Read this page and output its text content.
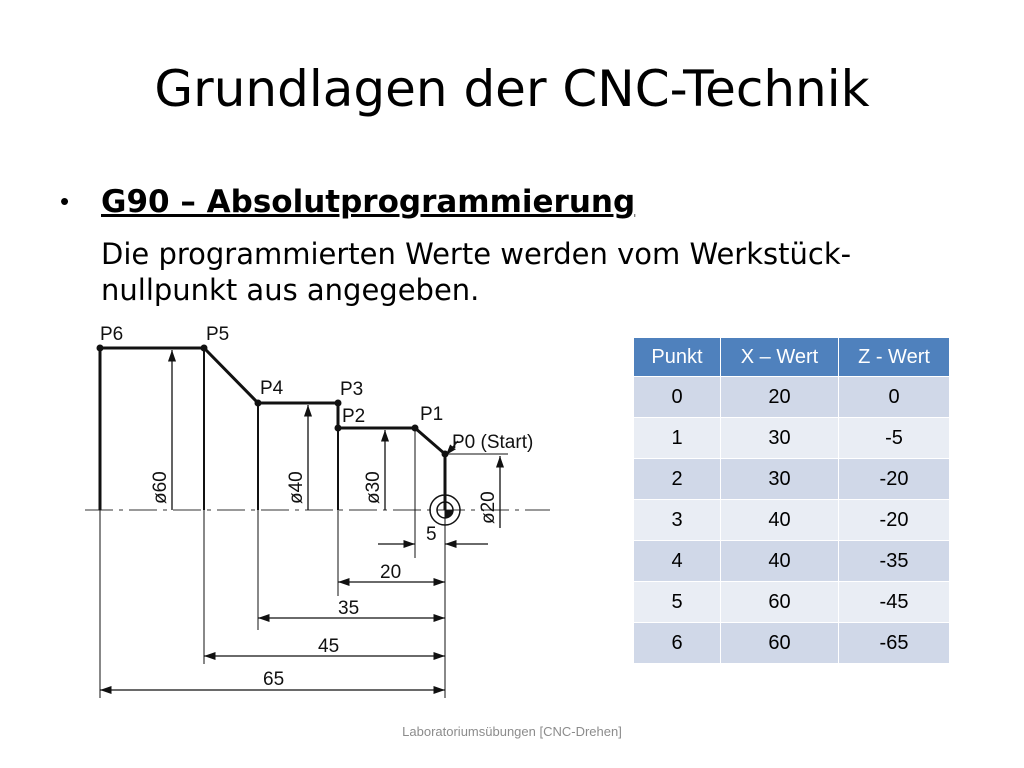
Grundlagen der CNC-Technik
• G90 – Absolutprogrammierung
Die programmierten Werte werden vom Werkstück-nullpunkt aus angegeben.
P6	P5
P4	P3
P2	P1
P0 (Start)
ø60	ø40	ø30
ø20
5
20
35
45
65
Punkt	X – Wert	Z - Wert
0	20	0
1	30	-5
2	30	-20
3	40	-20
4	40	-35
5	60	-45
6	60	-65
Laboratoriumsübungen [CNC-Drehen]
